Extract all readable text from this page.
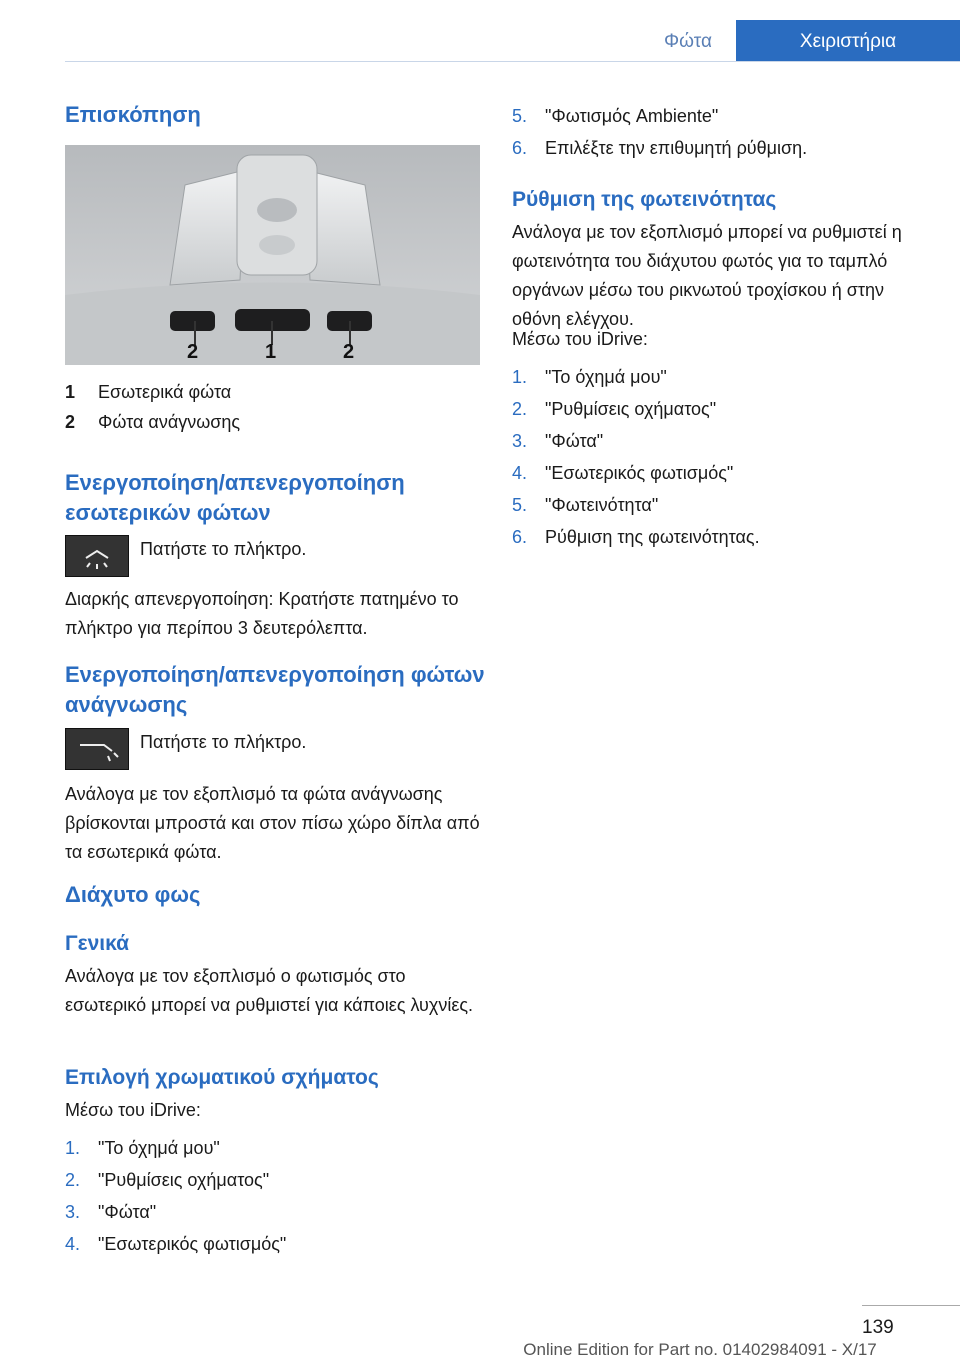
Φώτα	Χειριστήρια
Επισκόπηση
2	1	2
1	Εσωτερικά φώτα
2	Φώτα ανάγνωσης
Ενεργοποίηση/απενεργοποίηση εσωτερικών φώτων
Πατήστε το πλήκτρο.

Διαρκής απενεργοποίηση: Κρατήστε πατημένο το πλήκτρο για περίπου 3 δευτερόλεπτα.

Ενεργοποίηση/απενεργοποίηση φώτων ανάγνωσης
Πατήστε το πλήκτρο.

Ανάλογα με τον εξοπλισμό τα φώτα ανάγνωσης βρίσκονται μπροστά και στον πίσω χώρο δίπλα από τα εσωτερικά φώτα.

Διάχυτο φως
Γενικά

Ανάλογα με τον εξοπλισμό ο φωτισμός στο εσωτερικό μπορεί να ρυθμιστεί για κάποιες λυχνίες.

Επιλογή χρωματικού σχήματος

Μέσω του iDrive:

1. "Το όχημά μου"
2. "Ρυθμίσεις οχήματος"
3. "Φώτα"
4. "Εσωτερικός φωτισμός"
5. "Φωτισμός Ambiente"
6. Επιλέξτε την επιθυμητή ρύθμιση.
Ρύθμιση της φωτεινότητας

Ανάλογα με τον εξοπλισμό μπορεί να ρυθμιστεί η φωτεινότητα του διάχυτου φωτός για το ταμπλό οργάνων μέσω του ρικνωτού τροχίσκου ή στην οθόνη ελέγχου.

Μέσω του iDrive:

1. "Το όχημά μου"
2. "Ρυθμίσεις οχήματος"
3. "Φώτα"
4. "Εσωτερικός φωτισμός"
5. "Φωτεινότητα"
6. Ρύθμιση της φωτεινότητας.
139
Online Edition for Part no. 01402984091 - X/17
